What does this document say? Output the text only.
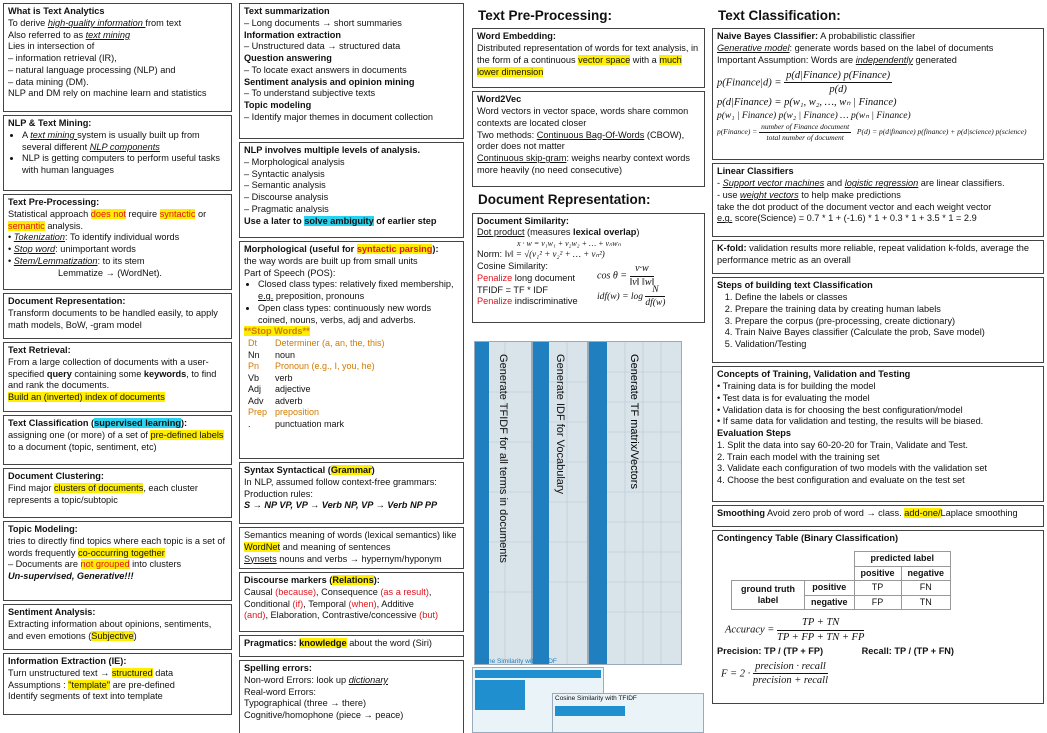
What is Text Analytics
To derive high-quality information from text
Also referred to as text mining
Lies in intersection of
– information retrieval (IR),
– natural language processing (NLP) and
– data mining (DM).
NLP and DM rely on machine learn and statistics
NLP & Text Mining:
• A text mining system is usually built up from several different NLP components
• NLP is getting computers to perform useful tasks with human languages
Text Pre-Processing:
Statistical approach does not require syntactic or semantic analysis.
• Tokenization: To identify individual words
• Stop word: unimportant words
• Stem/Lemmatization: to its stem
Lemmatize → (WordNet).
Document Representation:
Transform documents to be handled easily, to apply math models, BoW, -gram model
Text Retrieval:
From a large collection of documents with a user-specified query containing some keywords, to find and rank the documents.
Build an (inverted) index of documents
Text Classification (supervised learning):
assigning one (or more) of a set of pre-defined labels to a document (topic, sentiment, etc)
Document Clustering:
Find major clusters of documents, each cluster represents a topic/subtopic
Topic Modeling:
tries to directly find topics where each topic is a set of words frequently co-occurring together
– Documents are not grouped into clusters
Un-supervised, Generative!!!
Sentiment Analysis:
Extracting information about opinions, sentiments, and even emotions (Subjective)
Information Extraction (IE):
Turn unstructured text → structured data
Assumptions : "template" are pre-defined
Identify segments of text into template
Text summarization
– Long documents → short summaries
Information extraction
– Unstructured data → structured data
Question answering
– To locate exact answers in documents
Sentiment analysis and opinion mining
– To understand subjective texts
Topic modeling
– Identify major themes in document collection
NLP involves multiple levels of analysis.
– Morphological analysis
– Syntactic analysis
– Semantic analysis
– Discourse analysis
– Pragmatic analysis
Use a later to solve ambiguity of earlier step
Morphological (useful for syntactic parsing):
the way words are built up from small units
Part of Speech (POS):
• Closed class types: relatively fixed membership, e.g. preposition, pronouns
• Open class types: continuously new words coined, nouns, verbs, adj and adverbs.
**Stop Words**
Dt	Determiner (a, an, the, this)
Nn	noun
Pn	Pronoun (e.g., I, you, he)
Vb	verb
Adj	adjective
Adv	adverb
Prep	preposition
.	punctuation mark
Syntax Syntactical (Grammar)
In NLP, assumed follow context-free grammars:
Production rules:
S → NP VP, VP → Verb NP, VP → Verb NP PP
Semantics meaning of words (lexical semantics) like WordNet and meaning of sentences
Synsets nouns and verbs → hypernym/hyponym
Discourse markers (Relations):
Causal (because), Consequence (as a result),
Conditional (if), Temporal (when), Additive
(and), Elaboration, Contrastive/concessive (but)
Pragmatics: knowledge about the word (Siri)
Spelling errors:
Non-word Errors: look up dictionary
Real-word Errors:
Typographical (three → there)
Cognitive/homophone (piece → peace)
Text Pre-Processing:
Word Embedding:
Distributed representation of words for text analysis, in the form of a continuous vector space with a much lower dimension
Word2Vec
Word vectors in vector space, words share common contexts are located closer
Two methods: Continuous Bag-Of-Words (CBOW), order does not matter
Continuous skip-gram: weighs nearby context words more heavily (no need consecutive)
Document Representation:
Document Similarity:
Dot product (measures lexical overlap)
x · w = v₁w₁ + v₂w₂ + … + vₙwₙ
Norm: ‖v‖ = √(v₁² + v₂² + … + vₙ²)
Cosine Similarity:
$\cos \theta = \frac{v\cdot w}{‖v‖ ‖w‖}$
Penalize long document
TFIDF = TF * IDF
$idf(w) = \log \frac{N}{df(w)}$
Penalize indiscriminative
Generate TF matrix/Vectors
Generate IDF for Vocabulary
Generate TFIDF for all terms in documents
Cosine Similarity with TFIDF
Cosine Similarity with TFIDF
Text Classification:
Naive Bayes Classifier: A probabilistic classifier
Generative model: generate words based on the label of documents
Important Assumption: Words are independently generated
p(Finance|d) = $\frac{\text{p(d|Finance) p(Finance)}}{p(d)}$
p(d|Finance) = p(w₁, w₂, …, wₙ | Finance)
p(w₁ | Finance) p(w₂ | Finance) … p(wₙ | Finance)
p(Finance) = $\frac{\text{number of Finance document}}{\text{total number of document}} P(d)$ = p(d|finance) p(finance) + p(d|science) p(science)
Linear Classifiers
- Support vector machines and logistic regression are linear classifiers.
- use weight vectors to help make predictions
take the dot product of the document vector and each weight vector
e.g. score(Science) = 0.7 * 1 + (-1.6) * 1 + 0.3 * 1 + 3.5 * 1 = 2.9
K-fold: validation results more reliable, repeat validation k-folds, average the performance metric as an overall
Steps of building text Classification
1. Define the labels or classes
2. Prepare the training data by creating human labels
3. Prepare the corpus (pre-processing, create dictionary)
4. Train Naive Bayes classifier (Calculate the prob, Save model)
5. Validation/Testing
Concepts of Training, Validation and Testing
• Training data is for building the model
• Test data is for evaluating the model
• Validation data is for choosing the best configuration/model
• If same data for validation and testing, the results will be biased.
Evaluation Steps
1. Split the data into say 60-20-20 for Train, Validate and Test.
2. Train each model with the training set
3. Validate each configuration of two models with the validation set
4. Choose the best configuration and evaluate on the test set
Smoothing Avoid zero prob of word → class. add-one/Laplace smoothing
Contingency Table (Binary Classification)
		predicted label	
		positive	negative
ground truth label	positive	TP	FN
	negative	FP	TN
Accuracy = $\frac{TP + TN}{TP + FP + TN + FP}$
Precision: TP / (TP + FP)	Recall: TP / (TP + FN)
$F = 2 \cdot \frac{\text{precision · recall}}{\text{precision + recall}}$
